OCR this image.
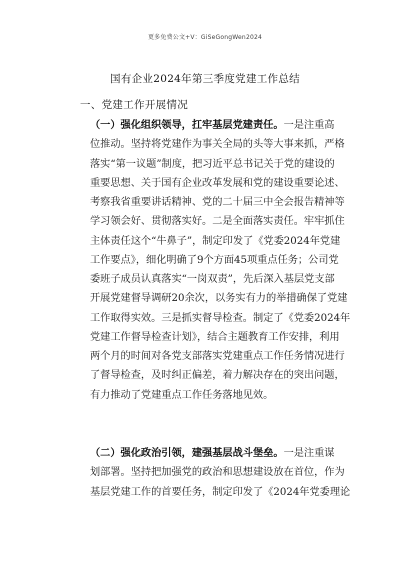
更多免费公文+V：GiSeGongWen2024
国有企业2024年第三季度党建工作总结
一、党建工作开展情况
（一）强化组织领导，扛牢基层党建责任。一是注重高
位推动。坚持将党建作为事关全局的头等大事来抓，严格
落实“第一议题”制度，把习近平总书记关于党的建设的
重要思想、关于国有企业改革发展和党的建设重要论述、
考察我省重要讲话精神、党的二十届三中全会报告精神等
学习领会好、贯彻落实好。二是全面落实责任。牢牢抓住
主体责任这个“牛鼻子”，制定印发了《党委2024年党建
工作要点》，细化明确了9个方面45项重点任务；公司党
委班子成员认真落实“一岗双责”，先后深入基层党支部
开展党建督导调研20余次，以务实有力的举措确保了党建
工作取得实效。三是抓实督导检查。制定了《党委2024年
党建工作督导检查计划》，结合主题教育工作安排，利用
两个月的时间对各党支部落实党建重点工作任务情况进行
了督导检查，及时纠正偏差，着力解决存在的突出问题，
有力推动了党建重点工作任务落地见效。
（二）强化政治引领，建强基层战斗堡垒。一是注重谋
划部署。坚持把加强党的政治和思想建设放在首位，作为
基层党建工作的首要任务，制定印发了《2024年党委理论
